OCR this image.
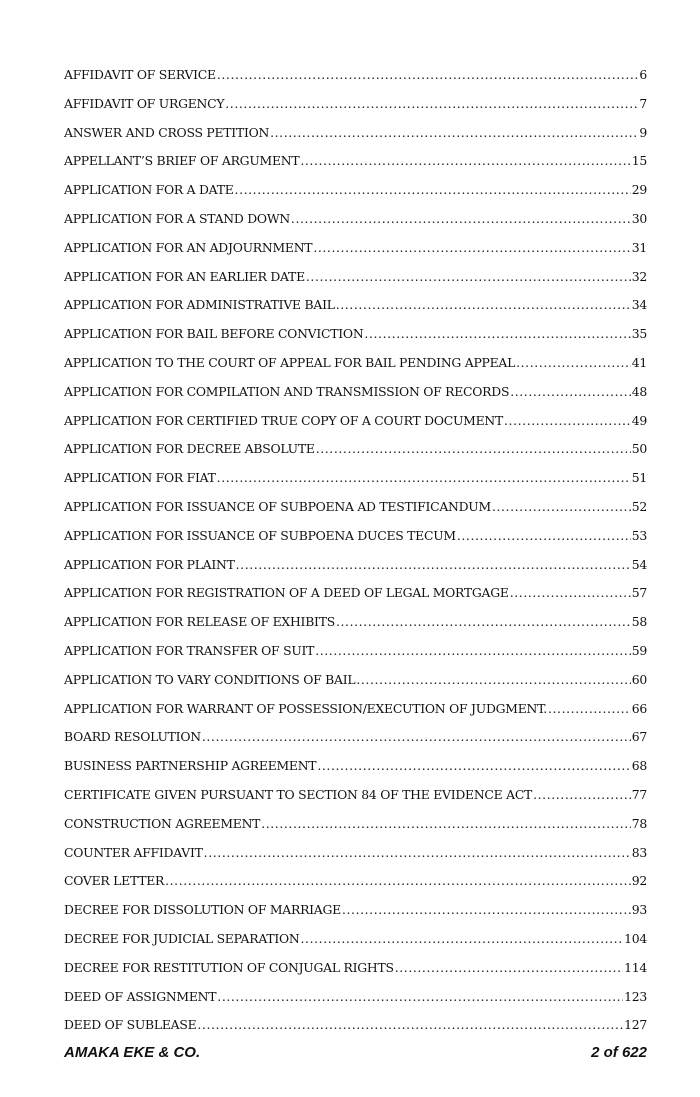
AFFIDAVIT OF SERVICE .....	6
AFFIDAVIT OF URGENCY .....	7
ANSWER AND CROSS PETITION .....	9
APPELLANT’S BRIEF OF ARGUMENT .....	15
APPLICATION FOR A DATE .....	29
APPLICATION FOR A STAND DOWN .....	30
APPLICATION FOR AN ADJOURNMENT .....	31
APPLICATION FOR AN EARLIER DATE .....	32
APPLICATION FOR ADMINISTRATIVE BAIL .....	34
APPLICATION FOR BAIL BEFORE CONVICTION .....	35
APPLICATION TO THE COURT OF APPEAL FOR BAIL PENDING APPEAL .....	41
APPLICATION FOR COMPILATION AND TRANSMISSION OF RECORDS .....	48
APPLICATION FOR CERTIFIED TRUE COPY OF A COURT DOCUMENT .....	49
APPLICATION FOR DECREE ABSOLUTE .....	50
APPLICATION FOR FIAT .....	51
APPLICATION FOR ISSUANCE OF SUBPOENA AD TESTIFICANDUM .....	52
APPLICATION FOR ISSUANCE OF SUBPOENA DUCES TECUM .....	53
APPLICATION FOR PLAINT .....	54
APPLICATION FOR REGISTRATION OF A DEED OF LEGAL MORTGAGE .....	57
APPLICATION FOR RELEASE OF EXHIBITS .....	58
APPLICATION FOR TRANSFER OF SUIT .....	59
APPLICATION TO VARY CONDITIONS OF BAIL .....	60
APPLICATION FOR WARRANT OF POSSESSION/EXECUTION OF JUDGMENT. .....	66
BOARD RESOLUTION .....	67
BUSINESS PARTNERSHIP AGREEMENT .....	68
CERTIFICATE GIVEN PURSUANT TO SECTION 84 OF THE EVIDENCE ACT .....	77
CONSTRUCTION AGREEMENT .....	78
COUNTER AFFIDAVIT .....	83
COVER LETTER .....	92
DECREE FOR DISSOLUTION OF MARRIAGE .....	93
DECREE FOR JUDICIAL SEPARATION .....	104
DECREE FOR RESTITUTION OF CONJUGAL RIGHTS .....	114
DEED OF ASSIGNMENT .....	123
DEED OF SUBLEASE .....	127
AMAKA EKE & CO.	2 of 622
